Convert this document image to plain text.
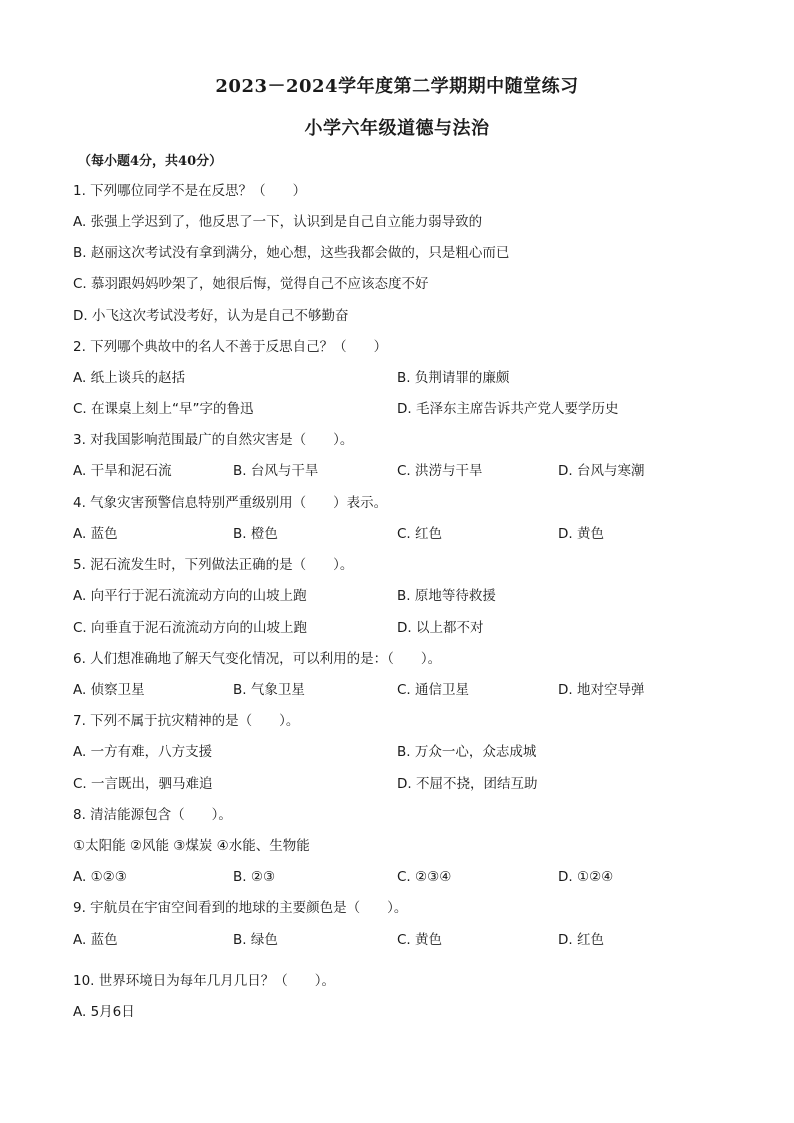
2023－2024学年度第二学期期中随堂练习
小学六年级道德与法治
（每小题4分，共40分）
1. 下列哪位同学不是在反思？（　　）
A. 张强上学迟到了，他反思了一下，认识到是自己自立能力弱导致的
B. 赵丽这次考试没有拿到满分，她心想，这些我都会做的，只是粗心而已
C. 慕羽跟妈妈吵架了，她很后悔，觉得自己不应该态度不好
D. 小飞这次考试没考好，认为是自己不够勤奋
2. 下列哪个典故中的名人不善于反思自己？（　　）
A. 纸上谈兵的赵括	B. 负荆请罪的廉颇
C. 在课桌上刻上“早”字的鲁迅	D. 毛泽东主席告诉共产党人要学历史
3. 对我国影响范围最广的自然灾害是（　　）。
A. 干旱和泥石流	B. 台风与干旱	C. 洪涝与干旱	D. 台风与寒潮
4. 气象灾害预警信息特别严重级别用（　　）表示。
A. 蓝色	B. 橙色	C. 红色	D. 黄色
5. 泥石流发生时，下列做法正确的是（　　）。
A. 向平行于泥石流流动方向的山坡上跑	B. 原地等待救援
C. 向垂直于泥石流流动方向的山坡上跑	D. 以上都不对
6. 人们想准确地了解天气变化情况，可以利用的是：（　　）。
A. 侦察卫星	B. 气象卫星	C. 通信卫星	D. 地对空导弹
7. 下列不属于抗灾精神的是（　　）。
A. 一方有难，八方支援	B. 万众一心，众志成城
C. 一言既出，驷马难追	D. 不屈不挠，团结互助
8. 清洁能源包含（　　）。
①太阳能 ②风能 ③煤炭 ④水能、生物能
A. ①②③	B. ②③	C. ②③④	D. ①②④
9. 宇航员在宇宙空间看到的地球的主要颜色是（　　）。
A. 蓝色	B. 绿色	C. 黄色	D. 红色
10. 世界环境日为每年几月几日？（　　）。
A. 5月6日
